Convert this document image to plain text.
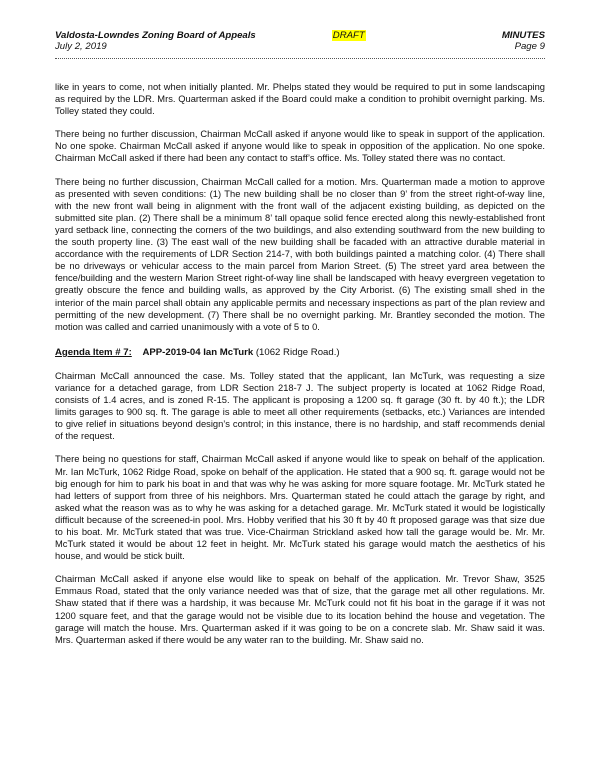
Valdosta-Lowndes Zoning Board of Appeals
July 2, 2019
DRAFT	MINUTES
Page 9

like in years to come, not when initially planted. Mr. Phelps stated they would be required to put in some landscaping as required by the LDR. Mrs. Quarterman asked if the Board could make a condition to prohibit overnight parking. Ms. Tolley stated they could.

There being no further discussion, Chairman McCall asked if anyone would like to speak in support of the application. No one spoke. Chairman McCall asked if anyone would like to speak in opposition of the application. No one spoke. Chairman McCall asked if there had been any contact to staff’s office. Ms. Tolley stated there was no contact.

There being no further discussion, Chairman McCall called for a motion. Mrs. Quarterman made a motion to approve as presented with seven conditions: (1) The new building shall be no closer than 9’ from the street right-of-way line, with the new front wall being in alignment with the front wall of the adjacent existing building, as depicted on the submitted site plan. (2) There shall be a minimum 8’ tall opaque solid fence erected along this newly-established front yard setback line, connecting the corners of the two buildings, and also extending southward from the new building to the south property line. (3) The east wall of the new building shall be facaded with an attractive durable material in accordance with the requirements of LDR Section 214-7, with both buildings painted a matching color. (4) There shall be no driveways or vehicular access to the main parcel from Marion Street. (5) The street yard area between the fence/building and the western Marion Street right-of-way line shall be landscaped with heavy evergreen vegetation to greatly obscure the fence and building walls, as approved by the City Arborist. (6) The existing small shed in the interior of the main parcel shall obtain any applicable permits and necessary inspections as part of the plan review and permitting of the new development. (7) There shall be no overnight parking. Mr. Brantley seconded the motion. The motion was called and carried unanimously with a vote of 5 to 0.

Agenda Item # 7: APP-2019-04 Ian McTurk (1062 Ridge Road.)

Chairman McCall announced the case. Ms. Tolley stated that the applicant, Ian McTurk, was requesting a size variance for a detached garage, from LDR Section 218-7 J. The subject property is located at 1062 Ridge Road, consists of 1.4 acres, and is zoned R-15. The applicant is proposing a 1200 sq. ft garage (30 ft. by 40 ft.); the LDR limits garages to 900 sq. ft. The garage is able to meet all other requirements (setbacks, etc.) Variances are intended to give relief in situations beyond design’s control; in this instance, there is no hardship, and staff recommends denial of the request.

There being no questions for staff, Chairman McCall asked if anyone would like to speak on behalf of the application. Mr. Ian McTurk, 1062 Ridge Road, spoke on behalf of the application. He stated that a 900 sq. ft. garage would not be big enough for him to park his boat in and that was why he was asking for more square footage. Mr. McTurk stated he had letters of support from three of his neighbors. Mrs. Quarterman stated he could attach the garage by right, and asked what the reason was as to why he was asking for a detached garage. Mr. McTurk stated it would be logistically difficult because of the screened-in pool. Mrs. Hobby verified that his 30 ft by 40 ft proposed garage was that size due to his boat. Mr. McTurk stated that was true. Vice-Chairman Strickland asked how tall the garage would be. Mr. Mr. McTurk stated it would be about 12 feet in height. Mr. McTurk stated his garage would match the aesthetics of his house, and would be stick built.

Chairman McCall asked if anyone else would like to speak on behalf of the application. Mr. Trevor Shaw, 3525 Emmaus Road, stated that the only variance needed was that of size, that the garage met all other regulations. Mr. Shaw stated that if there was a hardship, it was because Mr. McTurk could not fit his boat in the garage if it was not 1200 square feet, and that the garage would not be visible due to its location behind the house and vegetation. The garage will match the house. Mrs. Quarterman asked if it was going to be on a concrete slab. Mr. Shaw said it was. Mrs. Quarterman asked if there would be any water ran to the building. Mr. Shaw said no.
